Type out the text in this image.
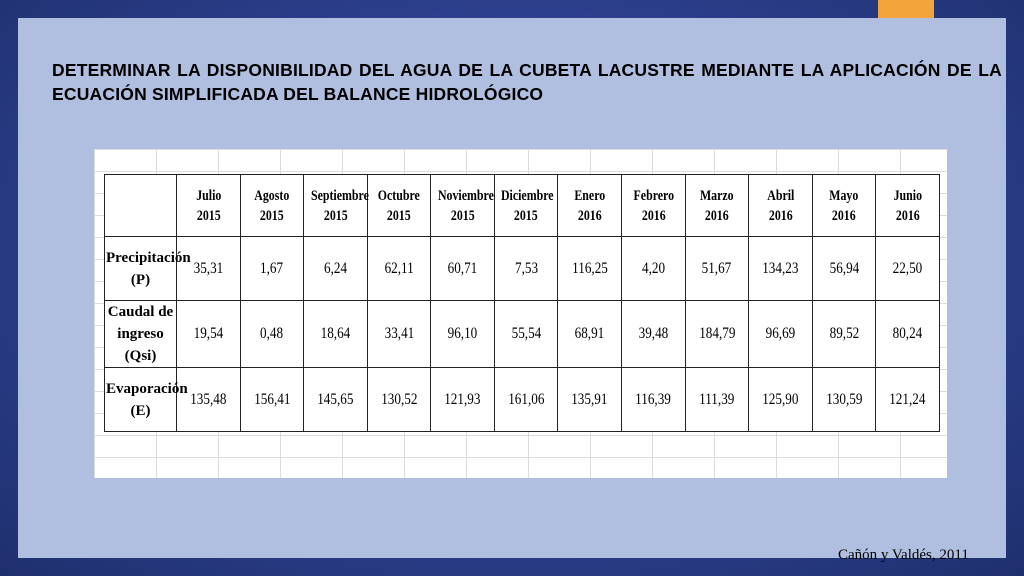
DETERMINAR LA DISPONIBILIDAD DEL AGUA DE LA CUBETA LACUSTRE MEDIANTE LA APLICACIÓN DE LA ECUACIÓN SIMPLIFICADA DEL BALANCE HIDROLÓGICO
	Julio 2015	Agosto 2015	Septiembre 2015	Octubre 2015	Noviembre 2015	Diciembre 2015	Enero 2016	Febrero 2016	Marzo 2016	Abril 2016	Mayo 2016	Junio 2016
Precipitación (P)	35,31	1,67	6,24	62,11	60,71	7,53	116,25	4,20	51,67	134,23	56,94	22,50
Caudal de ingreso (Qsi)	19,54	0,48	18,64	33,41	96,10	55,54	68,91	39,48	184,79	96,69	89,52	80,24
Evaporación (E)	135,48	156,41	145,65	130,52	121,93	161,06	135,91	116,39	111,39	125,90	130,59	121,24
Cañón y Valdés, 2011
